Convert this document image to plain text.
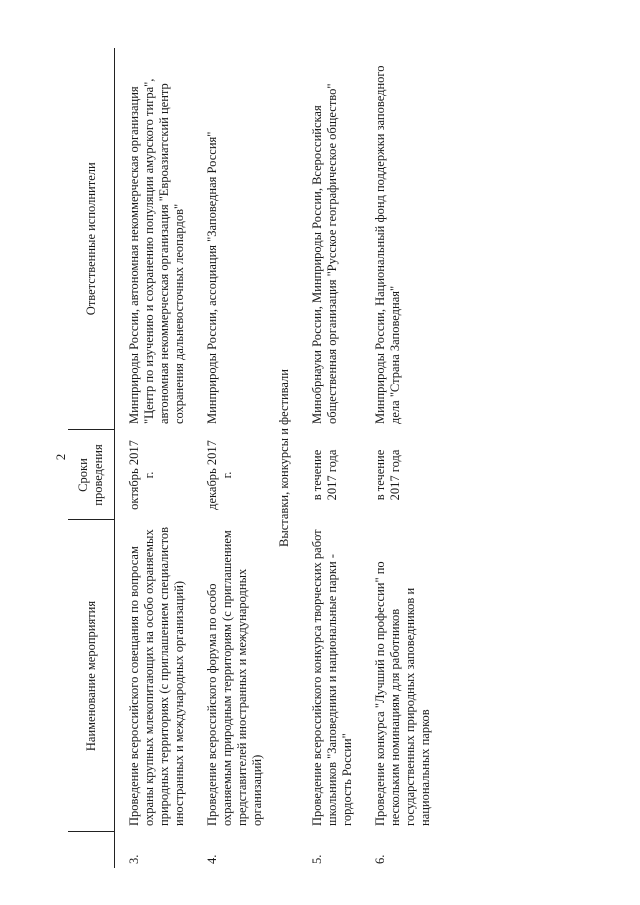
2
	Наименование мероприятия	Сроки проведения	Ответственные исполнители
3.	Проведение всероссийского совещания по вопросам охраны крупных млекопитающих на особо охраняемых природных территориях (с приглашением специалистов иностранных и международных организаций)	октябрь 2017 г.	Минприроды России, автономная некоммерческая организация "Центр по изучению и сохранению популяции амурского тигра", автономная некоммерческая организация "Евроазиатский центр сохранения дальневосточных леопардов"
4.	Проведение всероссийского форума по особо охраняемым природным территориям (с приглашением представителей иностранных и международных организаций)	декабрь 2017 г.	Минприроды России, ассоциация "Заповедная Россия"
Выставки, конкурсы и фестивали			
5.	Проведение всероссийского конкурса творческих работ школьников "Заповедники и национальные парки - гордость России"	в течение 2017 года	Минобрнауки России, Минприроды России, Всероссийская общественная организация "Русское географическое общество"
6.	Проведение конкурса "Лучший по профессии" по нескольким номинациям для работников государственных природных заповедников и национальных парков	в течение 2017 года	Минприроды России, Национальный фонд поддержки заповедного дела "Страна Заповедная"
